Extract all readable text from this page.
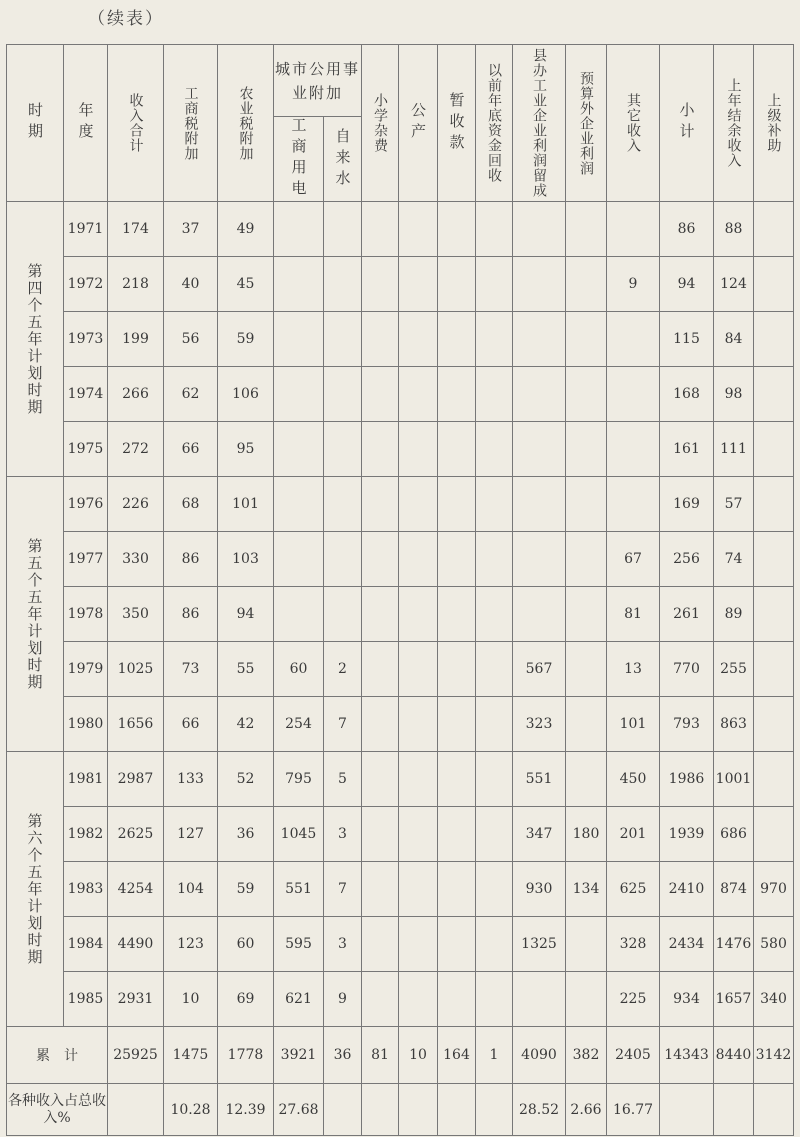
（续表）
时期	年度	收入合计	工商税附加	农业税附加	城市公用事业附加		小学杂费	公产	暂收款	以前年底资金回收	县办工业企业利润留成	预算外企业利润	其它收入	小计	上年结余收入	上级补助

					工商用电	自来水										

第四个五年计划时期	1971	174	37	49										86	88	
	1972	218	40	45									9	94	124	
	1973	199	56	59										115	84	
	1974	266	62	106										168	98	
	1975	272	66	95										161	111	

第五个五年计划时期	1976	226	68	101										169	57	
	1977	330	86	103									67	256	74	
	1978	350	86	94									81	261	89	
	1979	1025	73	55	60	2					567		13	770	255	
	1980	1656	66	42	254	7					323		101	793	863	

第六个五年计划时期	1981	2987	133	52	795	5					551		450	1986	1001	
	1982	2625	127	36	1045	3					347	180	201	1939	686	
	1983	4254	104	59	551	7					930	134	625	2410	874	970
	1984	4490	123	60	595	3					1325		328	2434	1476	580
	1985	2931	10	69	621	9							225	934	1657	340
累　计		25925	1475	1778	3921	36	81	10	164	1	4090	382	2405	14343	8440	3142
各种收入占总收入%			10.28	12.39	27.68						28.52	2.66	16.77			
